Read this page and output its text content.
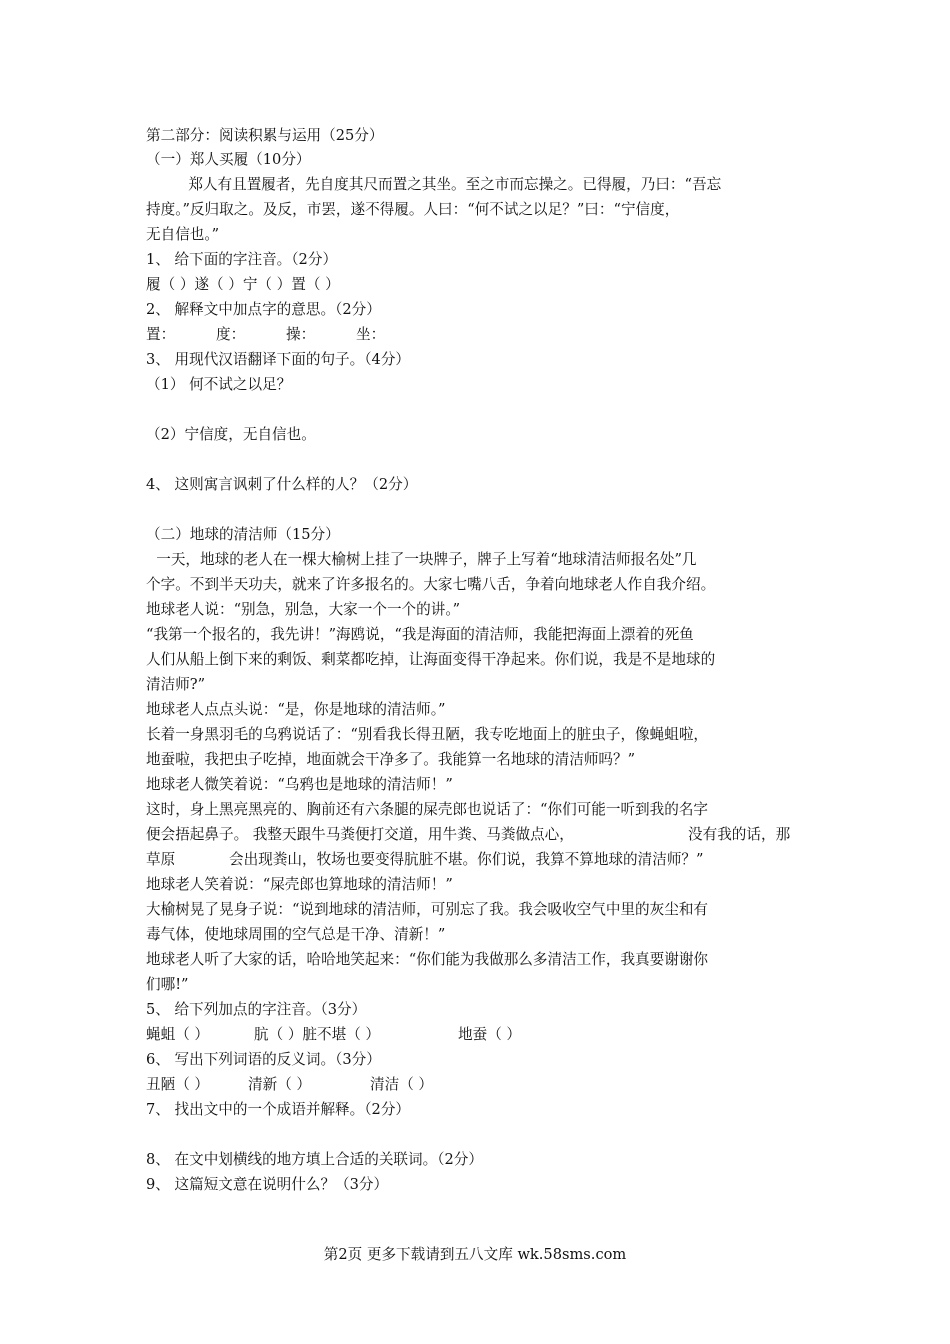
第二部分：阅读积累与运用（25分）
（一）郑人买履（10分）
郑人有且置履者，先自度其尺而置之其坐。至之市而忘操之。已得履，乃曰：“吾忘
持度。”反归取之。及反，市罢，遂不得履。人曰：“何不试之以足？”曰：“宁信度，
无自信也。”
1、 给下面的字注音。（2分）
履（ ）遂（ ）宁（ ）置（ ）
2、 解释文中加点字的意思。（2分）
置：	度：	操：	坐：
3、 用现代汉语翻译下面的句子。（4分）
（1） 何不试之以足？
（2）宁信度，无自信也。
4、 这则寓言讽刺了什么样的人？（2分）
（二）地球的清洁师（15分）
一天，地球的老人在一棵大榆树上挂了一块牌子，牌子上写着“地球清洁师报名处”几
个字。不到半天功夫，就来了许多报名的。大家七嘴八舌，争着向地球老人作自我介绍。
地球老人说：“别急，别急，大家一个一个的讲。”
“我第一个报名的，我先讲！”海鸥说，“我是海面的清洁师，我能把海面上漂着的死鱼
人们从船上倒下来的剩饭、剩菜都吃掉，让海面变得干净起来。你们说，我是不是地球的
清洁师?”
地球老人点点头说：“是，你是地球的清洁师。”
长着一身黑羽毛的乌鸦说话了：“别看我长得丑陋，我专吃地面上的脏虫子，像蝇蛆啦，
地蚕啦，我把虫子吃掉，地面就会干净多了。我能算一名地球的清洁师吗？”
地球老人微笑着说：“乌鸦也是地球的清洁师！”
这时，身上黑亮黑亮的、胸前还有六条腿的屎壳郎也说话了：“你们可能一听到我的名字
便会捂起鼻子。 我整天跟牛马粪便打交道，用牛粪、马粪做点心，	没有我的话，那
草原	会出现粪山，牧场也要变得肮脏不堪。你们说，我算不算地球的清洁师？”
地球老人笑着说：“屎壳郎也算地球的清洁师！”
大榆树晃了晃身子说：“说到地球的清洁师，可别忘了我。我会吸收空气中里的灰尘和有
毒气体，使地球周围的空气总是干净、清新！”
地球老人听了大家的话，哈哈地笑起来：“你们能为我做那么多清洁工作，我真要谢谢你
们哪!”
5、 给下列加点的字注音。（3分）
蝇蛆（ ）	肮（ ）脏不堪（ ）	地蚕（ ）
6、 写出下列词语的反义词。（3分）
丑陋（ ）	清新（ ）	清洁（ ）
7、 找出文中的一个成语并解释。（2分）
8、 在文中划横线的地方填上合适的关联词。（2分）
9、 这篇短文意在说明什么？（3分）
第2页 更多下载请到五八文库 wk.58sms.com
